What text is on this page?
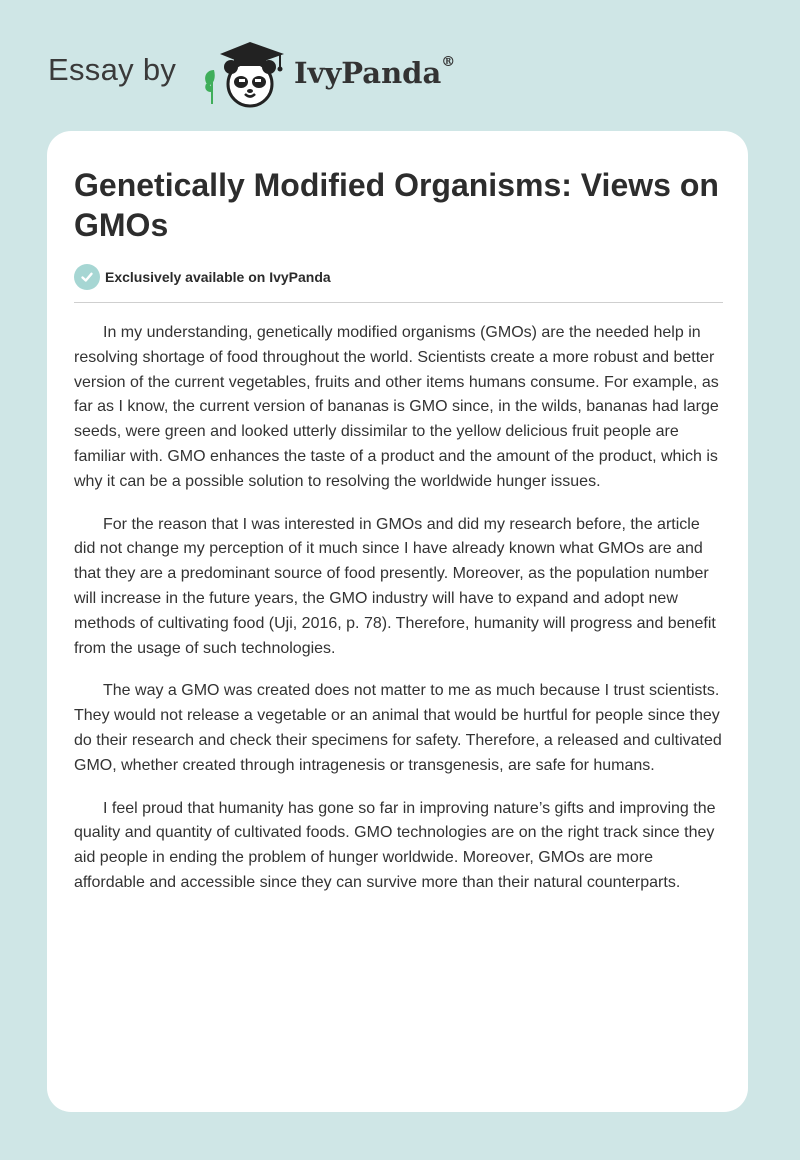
Essay by	IvyPanda®
Genetically Modified Organisms: Views on GMOs
Exclusively available on IvyPanda

In my understanding, genetically modified organisms (GMOs) are the needed help in resolving shortage of food throughout the world. Scientists create a more robust and better version of the current vegetables, fruits and other items humans consume. For example, as far as I know, the current version of bananas is GMO since, in the wilds, bananas had large seeds, were green and looked utterly dissimilar to the yellow delicious fruit people are familiar with. GMO enhances the taste of a product and the amount of the product, which is why it can be a possible solution to resolving the worldwide hunger issues.

For the reason that I was interested in GMOs and did my research before, the article did not change my perception of it much since I have already known what GMOs are and that they are a predominant source of food presently. Moreover, as the population number will increase in the future years, the GMO industry will have to expand and adopt new methods of cultivating food (Uji, 2016, p. 78). Therefore, humanity will progress and benefit from the usage of such technologies.

The way a GMO was created does not matter to me as much because I trust scientists. They would not release a vegetable or an animal that would be hurtful for people since they do their research and check their specimens for safety. Therefore, a released and cultivated GMO, whether created through intragenesis or transgenesis, are safe for humans.

I feel proud that humanity has gone so far in improving nature’s gifts and improving the quality and quantity of cultivated foods. GMO technologies are on the right track since they aid people in ending the problem of hunger worldwide. Moreover, GMOs are more affordable and accessible since they can survive more than their natural counterparts.
